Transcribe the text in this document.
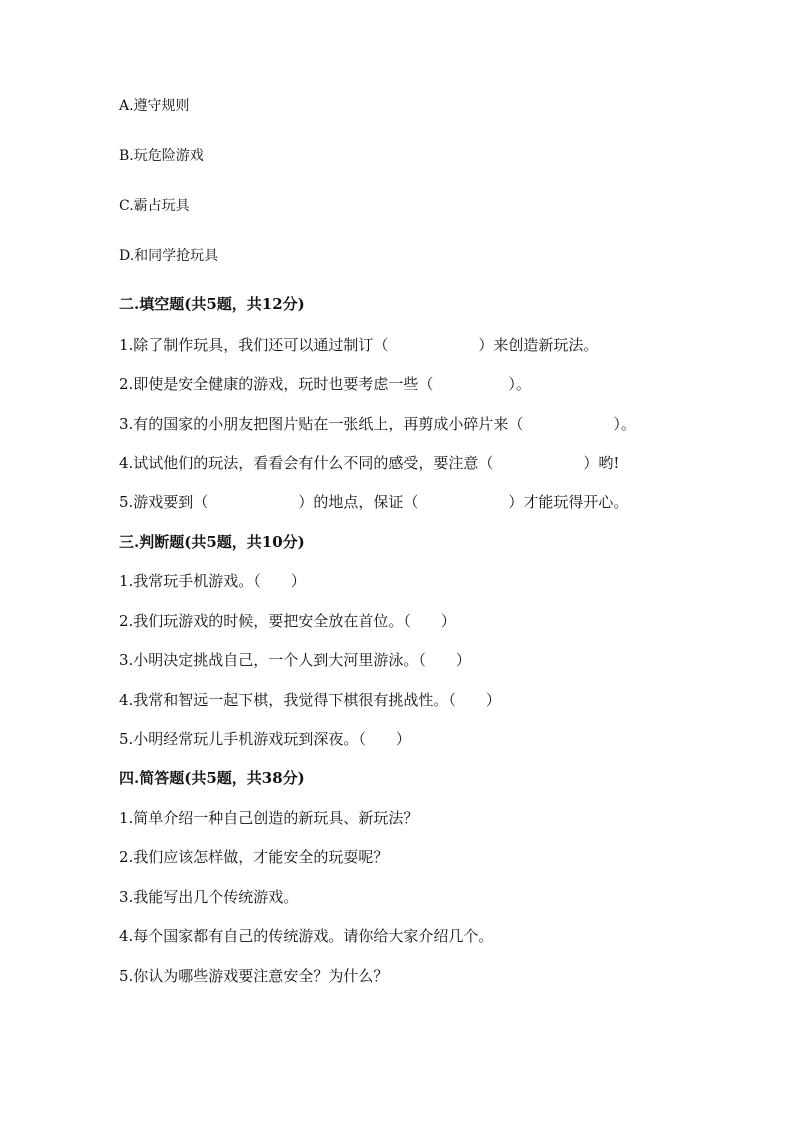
A.遵守规则
B.玩危险游戏
C.霸占玩具
D.和同学抢玩具
二.填空题(共5题，共12分)
1.除了制作玩具，我们还可以通过制订（　　　　　　）来创造新玩法。
2.即使是安全健康的游戏，玩时也要考虑一些（　　　　　）。
3.有的国家的小朋友把图片贴在一张纸上，再剪成小碎片来（　　　　　　）。
4.试试他们的玩法，看看会有什么不同的感受，要注意（　　　　　　）哟!
5.游戏要到（　　　　　　）的地点，保证（　　　　　　）才能玩得开心。
三.判断题(共5题，共10分)
1.我常玩手机游戏。（　　）
2.我们玩游戏的时候，要把安全放在首位。（　　）
3.小明决定挑战自己，一个人到大河里游泳。（　　）
4.我常和智远一起下棋，我觉得下棋很有挑战性。（　　）
5.小明经常玩儿手机游戏玩到深夜。（　　）
四.简答题(共5题，共38分)
1.简单介绍一种自己创造的新玩具、新玩法？
2.我们应该怎样做，才能安全的玩耍呢？
3.我能写出几个传统游戏。
4.每个国家都有自己的传统游戏。请你给大家介绍几个。
5.你认为哪些游戏要注意安全？为什么？
